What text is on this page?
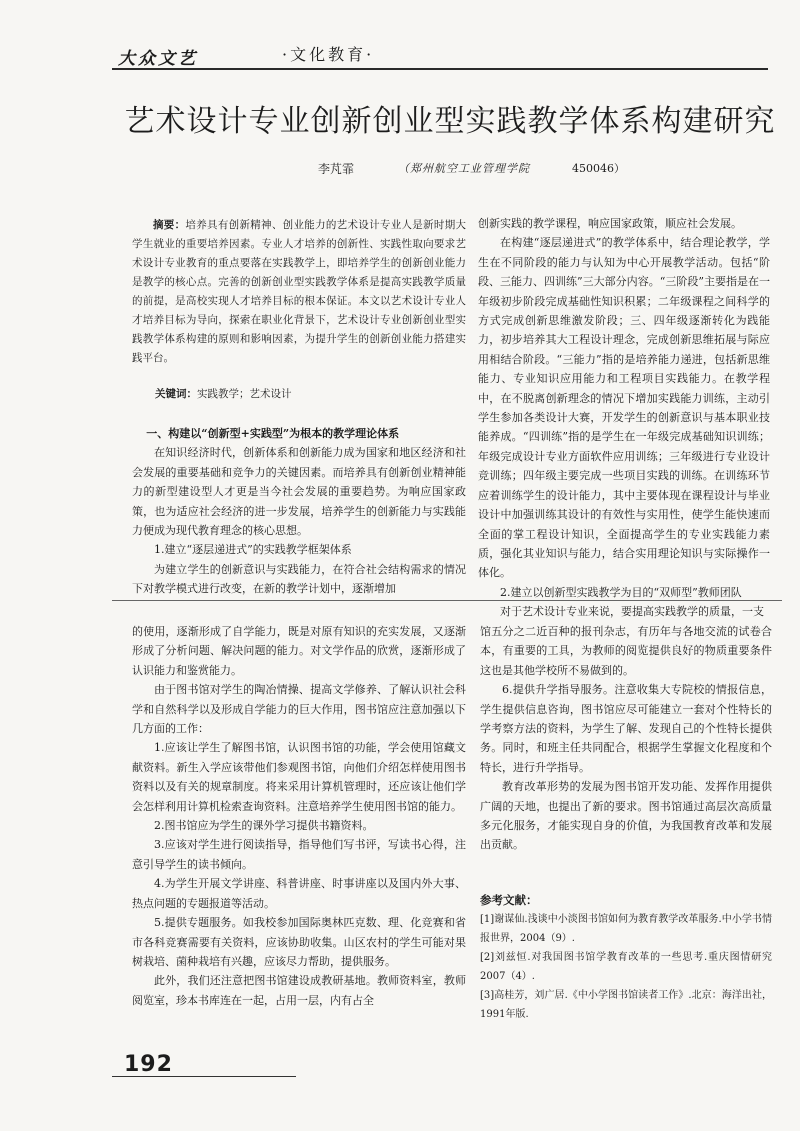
大众文艺	·文化教育·
艺术设计专业创新创业型实践教学体系构建研究
李芃霏	（郑州航空工业管理学院	450046）

摘要：培养具有创新精神、创业能力的艺术设计专业人是新时期大学生就业的重要培养因素。专业人才培养的创新性、实践性取向要求艺术设计专业教育的重点要落在实践教学上，即培养学生的创新创业能力是教学的核心点。完善的创新创业型实践教学体系是提高实践教学质量的前提，是高校实现人才培养目标的根本保证。本文以艺术设计专业人才培养目标为导向，探索在职业化背景下，艺术设计专业创新创业型实践教学体系构建的原则和影响因素，为提升学生的创新创业能力搭建实践平台。

关键词：实践教学；艺术设计

一、构建以“创新型+实践型”为根本的教学理论体系

在知识经济时代，创新体系和创新能力成为国家和地区经济和社会发展的重要基础和竞争力的关键因素。而培养具有创新创业精神能力的新型建设型人才更是当今社会发展的重要趋势。为响应国家政策，也为适应社会经济的进一步发展，培养学生的创新能力与实践能力便成为现代教育理念的核心思想。

1.建立“逐层递进式”的实践教学框架体系

为建立学生的创新意识与实践能力，在符合社会结构需求的情况下对教学模式进行改变，在新的教学计划中，逐渐增加

创新实践的教学课程，响应国家政策，顺应社会发展。

在构建“逐层递进式”的教学体系中，结合理论教学，学生在不同阶段的能力与认知为中心开展教学活动。包括“阶段、三能力、四训练”三大部分内容。“三阶段”主要指是在一年级初步阶段完成基础性知识积累；二年级课程之间科学的方式完成创新思维激发阶段；三、四年级逐渐转化为践能力，初步培养其大工程设计理念，完成创新思维拓展与际应用相结合阶段。“三能力”指的是培养能力递进，包括新思维能力、专业知识应用能力和工程项目实践能力。在教学程中，在不脱离创新理念的情况下增加实践能力训练，主动引学生参加各类设计大赛，开发学生的创新意识与基本职业技能养成。“四训练”指的是学生在一年级完成基础知识训练；年级完成设计专业方面软件应用训练；三年级进行专业设计竞训练；四年级主要完成一些项目实践的训练。在训练环节应着训练学生的设计能力，其中主要体现在课程设计与毕业设计中加强训练其设计的有效性与实用性，使学生能快速而全面的掌工程设计知识，全面提高学生的专业实践能力素质，强化其业知识与能力，结合实用理论知识与实际操作一体化。

2.建立以创新型实践教学为目的“双师型”教师团队

对于艺术设计专业来说，要提高实践教学的质量，一支

的使用，逐渐形成了自学能力，既是对原有知识的充实发展，又逐渐形成了分析问题、解决问题的能力。对文学作品的欣赏，逐渐形成了认识能力和鉴赏能力。

由于图书馆对学生的陶冶情操、提高文学修养、了解认识社会科学和自然科学以及形成自学能力的巨大作用，图书馆应注意加强以下几方面的工作：

1.应该让学生了解图书馆，认识图书馆的功能，学会使用馆藏文献资料。新生入学应该带他们参观图书馆，向他们介绍怎样使用图书资料以及有关的规章制度。将来采用计算机管理时，还应该让他们学会怎样利用计算机检索查询资料。注意培养学生使用图书馆的能力。

2.图书馆应为学生的课外学习提供书籍资料。

3.应该对学生进行阅读指导，指导他们写书评，写读书心得，注意引导学生的读书倾向。

4.为学生开展文学讲座、科普讲座、时事讲座以及国内外大事、热点问题的专题报道等活动。

5.提供专题服务。如我校参加国际奥林匹克数、理、化竞赛和省市各科竞赛需要有关资料，应该协助收集。山区农村的学生可能对果树栽培、菌种栽培有兴趣，应该尽力帮助，提供服务。

此外，我们还注意把图书馆建设成教研基地。教师资料室，教师阅览室，珍本书库连在一起，占用一层，内有占全

馆五分之二近百种的报刊杂志，有历年与各地交流的试卷合本，有重要的工具，为教师的阅览提供良好的物质重要条件这也是其他学校所不易做到的。

6.提供升学指导服务。注意收集大专院校的情报信息，学生提供信息咨询，图书馆应尽可能建立一套对个性特长的学考察方法的资料，为学生了解、发现自己的个性特长提供务。同时，和班主任共同配合，根据学生掌握文化程度和个特长，进行升学指导。

教育改革形势的发展为图书馆开发功能、发挥作用提供广阔的天地，也提出了新的要求。图书馆通过高层次高质量多元化服务，才能实现自身的价值，为我国教育改革和发展出贡献。

参考文献：
[1]谢谋仙.浅谈中小淡图书馆如何为教育教学改革服务.中小学书情报世界，2004（9）.
[2]刘兹恒.对我国图书馆学教育改革的一些思考.重庆图情研究2007（4）.
[3]高桂芳，刘广居.《中小学图书馆读者工作》.北京：海洋出社，1991年版.
192
